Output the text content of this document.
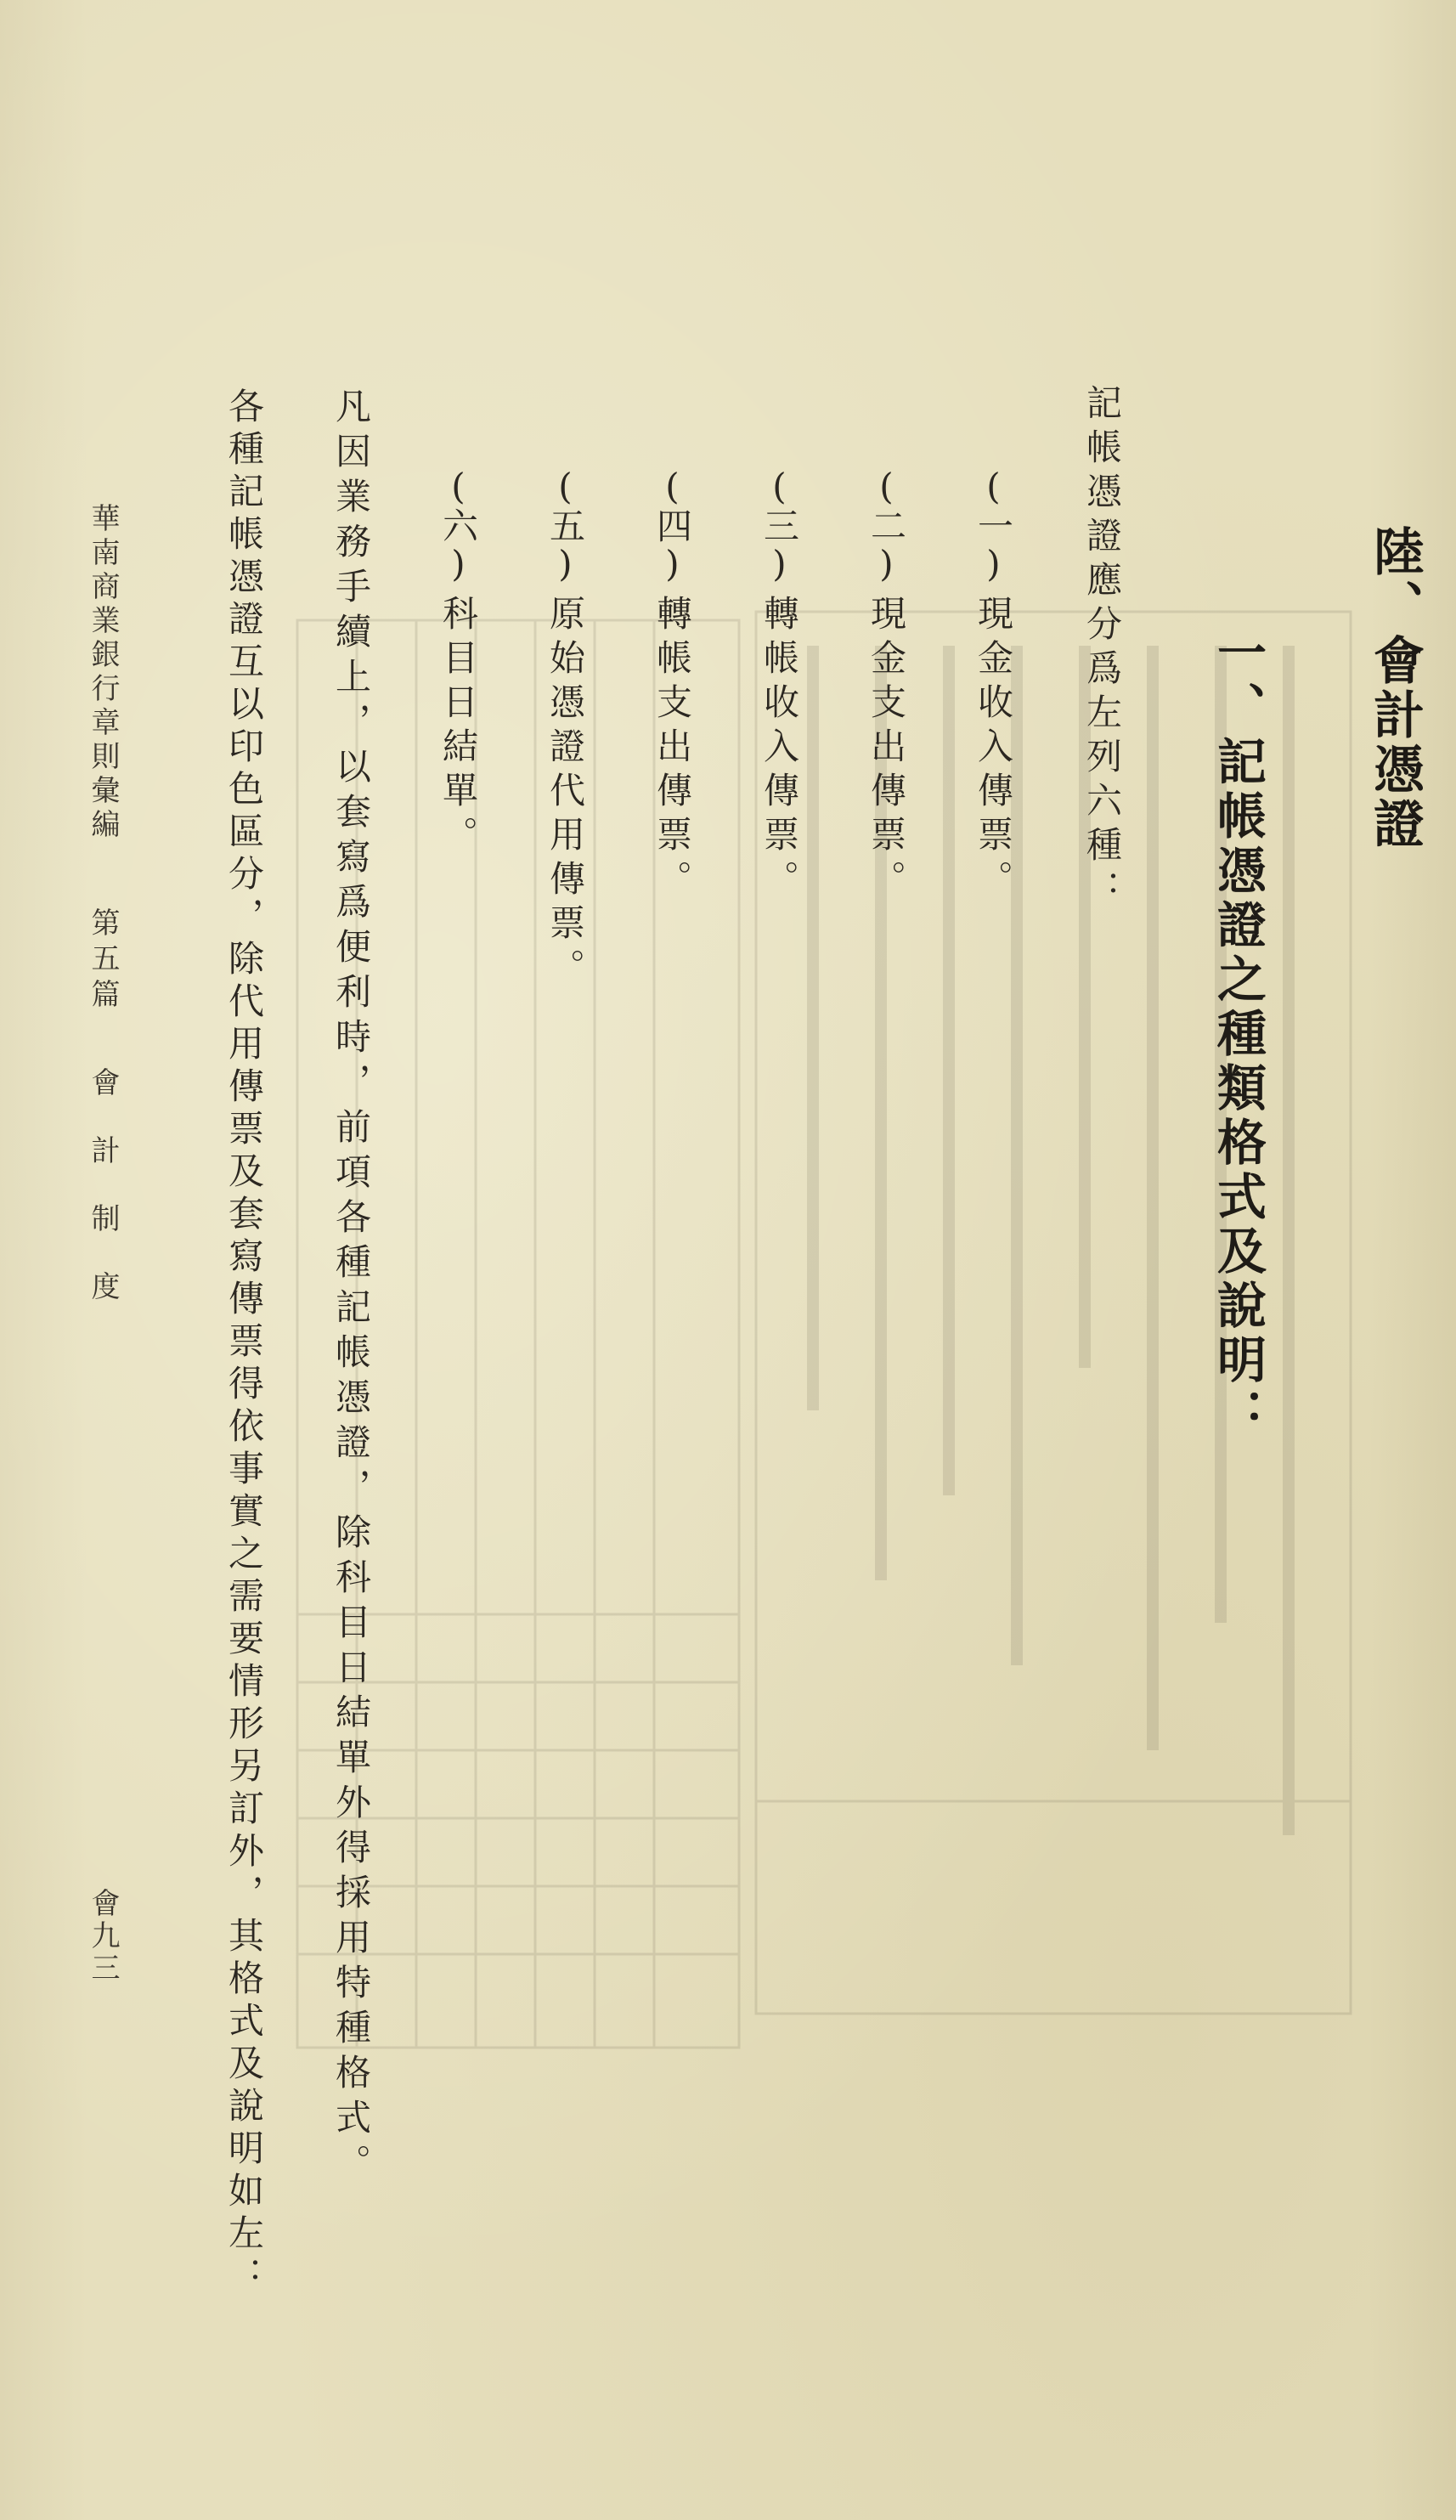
陸、會計憑證
一、記帳憑證之種類格式及說明：
記帳憑證應分爲左列六種：
(一)現金收入傳票。
(二)現金支出傳票。
(三)轉帳收入傳票。
(四)轉帳支出傳票。
(五)原始憑證代用傳票。
(六)科目日結單。
凡因業務手續上，以套寫爲便利時，前項各種記帳憑證，除科目日結單外得採用特種格式。
各種記帳憑證互以印色區分，除代用傳票及套寫傳票得依事實之需要情形另訂外，其格式及說明如左：
華南商業銀行章則彙編
第五篇
會　計　制　度
會九三
